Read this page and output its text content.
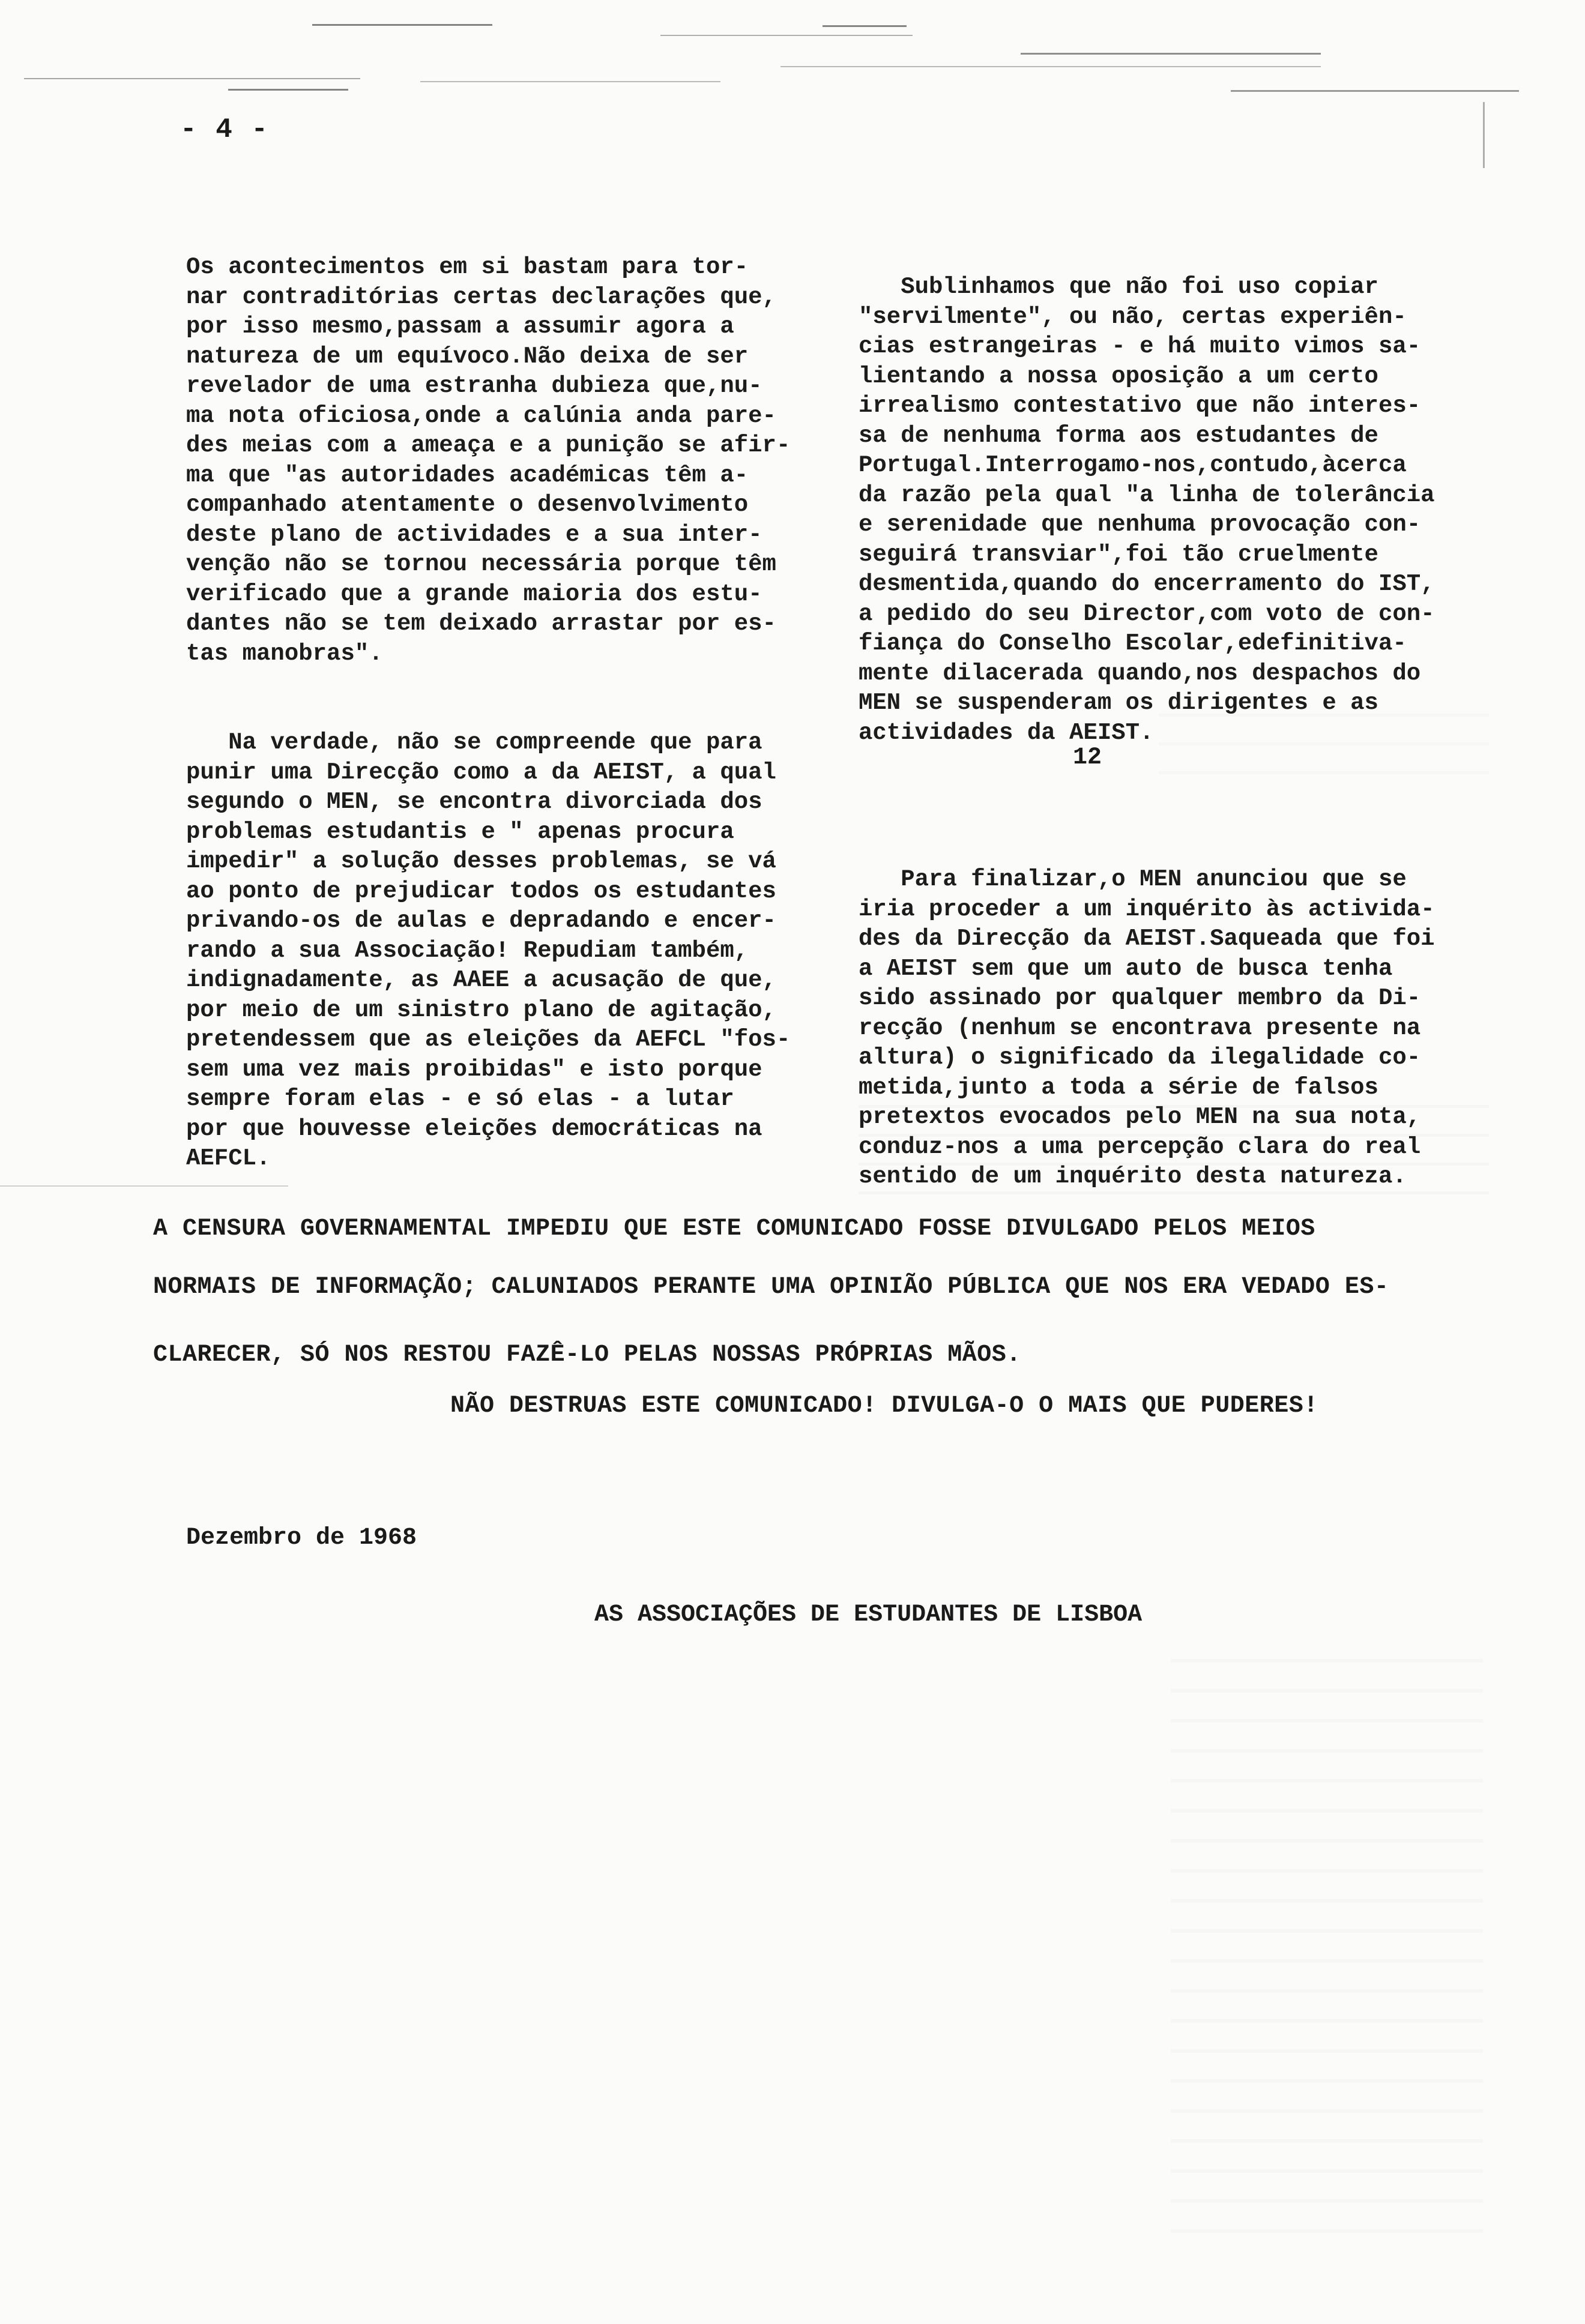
- 4 -

Os acontecimentos em si bastam para tor-
nar contraditórias certas declarações que,
por isso mesmo,passam a assumir agora a
natureza de um equívoco.Não deixa de ser
revelador de uma estranha dubieza que,nu-
ma nota oficiosa,onde a calúnia anda pare-
des meias com a ameaça e a punição se afir-
ma que "as autoridades académicas têm a-
companhado atentamente o desenvolvimento
deste plano de actividades e a sua inter-
venção não se tornou necessária porque têm
verificado que a grande maioria dos estu-
dantes não se tem deixado arrastar por es-
tas manobras".

Na verdade, não se compreende que para
punir uma Direcção como a da AEIST, a qual
segundo o MEN, se encontra divorciada dos
problemas estudantis e " apenas procura
impedir" a solução desses problemas, se vá
ao ponto de prejudicar todos os estudantes
privando-os de aulas e depradando e encer-
rando a sua Associação! Repudiam também,
indignadamente, as AAEE a acusação de que,
por meio de um sinistro plano de agitação,
pretendessem que as eleições da AEFCL "fos-
sem uma vez mais proibidas" e isto porque
sempre foram elas - e só elas - a lutar
por que houvesse eleições democráticas na
AEFCL.

Sublinhamos que não foi uso copiar
"servilmente", ou não, certas experiên-
cias estrangeiras - e há muito vimos sa-
lientando a nossa oposição a um certo
irrealismo contestativo que não interes-
sa de nenhuma forma aos estudantes de
Portugal.Interrogamo-nos,contudo,àcerca
da razão pela qual "a linha de tolerância
e serenidade que nenhuma provocação con-
seguirá transviar",foi tão cruelmente
desmentida,quando do encerramento do IST,
a pedido do seu Director,com voto de con-
fiança do Conselho Escolar,edefinitiva-
mente dilacerada quando,nos despachos do
MEN se suspenderam os dirigentes e as
actividades da AEIST.

12

Para finalizar,o MEN anunciou que se
iria proceder a um inquérito às activida-
des da Direcção da AEIST.Saqueada que foi
a AEIST sem que um auto de busca tenha
sido assinado por qualquer membro da Di-
recção (nenhum se encontrava presente na
altura) o significado da ilegalidade co-
metida,junto a toda a série de falsos
pretextos evocados pelo MEN na sua nota,
conduz-nos a uma percepção clara do real
sentido de um inquérito desta natureza.

A CENSURA GOVERNAMENTAL IMPEDIU QUE ESTE COMUNICADO FOSSE DIVULGADO PELOS MEIOS
NORMAIS DE INFORMAÇÃO; CALUNIADOS PERANTE UMA OPINIÃO PÚBLICA QUE NOS ERA VEDADO ES-
CLARECER, SÓ NOS RESTOU FAZÊ-LO PELAS NOSSAS PRÓPRIAS MÃOS.
NÃO DESTRUAS ESTE COMUNICADO! DIVULGA-O O MAIS QUE PUDERES!
Dezembro de 1968
AS ASSOCIAÇÕES DE ESTUDANTES DE LISBOA
